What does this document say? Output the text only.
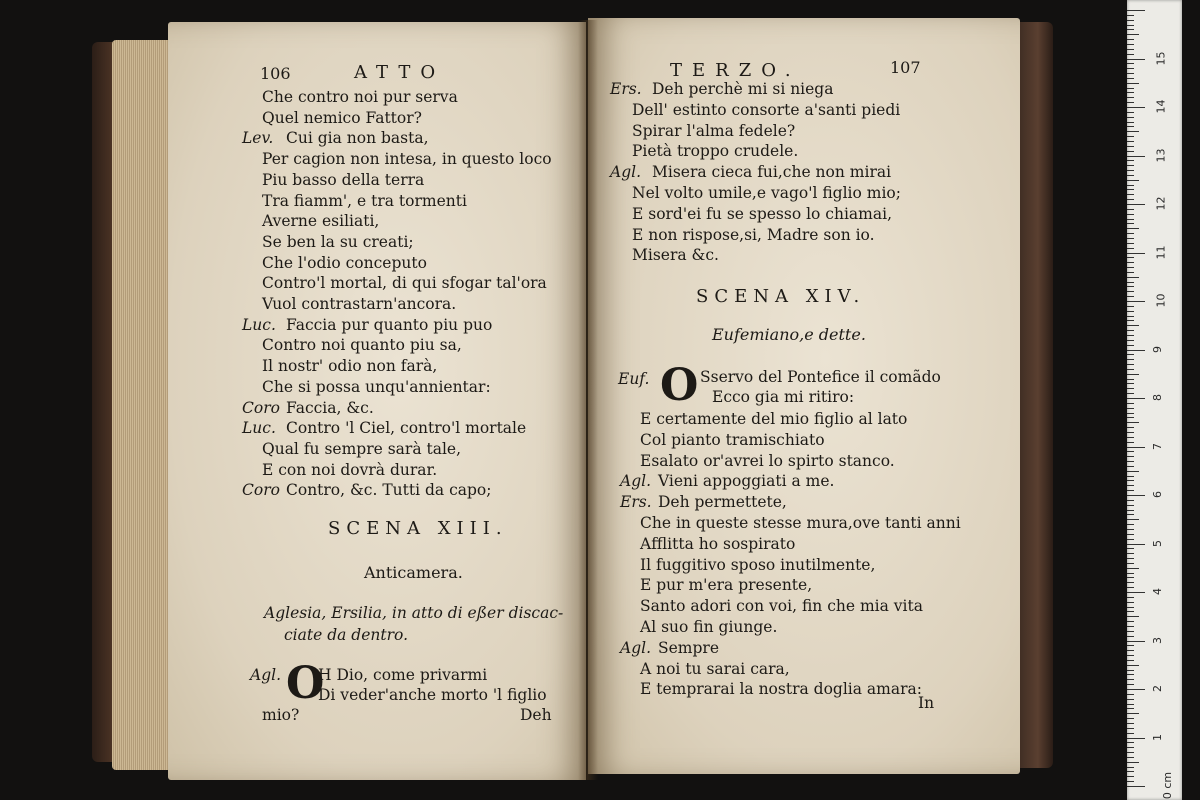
106	ATTO
Che contro noi pur serva
Quel nemico Fattor?
Lev. Cui gia non basta,
Per cagion non intesa, in questo loco
Piu basso della terra
Tra fiamm', e tra tormenti
Averne esiliati,
Se ben la su creati;
Che l'odio conceputo
Contro'l mortal, di qui sfogar tal'ora
Vuol contrastarn'ancora.
Luc. Faccia pur quanto piu puo
Contro noi quanto piu sa,
Il nostr' odio non farà,
Che si possa unqu'annientar:
Coro Faccia, &c.
Luc. Contro 'l Ciel, contro'l mortale
Qual fu sempre sarà tale,
E con noi dovrà durar.
Coro Contro, &c. Tutti da capo;
SCENA XIII.
Anticamera.
Aglesia, Ersilia, in atto di eßer discac-
ciate da dentro.
Agl. O
H Dio, come privarmi
Di veder'anche morto 'l figlio
mio?	Deh
TERZO.	107
Ers. Deh perchè mi si niega
Dell' estinto consorte a'santi piedi
Spirar l'alma fedele?
Pietà troppo crudele.
Agl. Misera cieca fui,che non mirai
Nel volto umile,e vago'l figlio mio;
E sord'ei fu se spesso lo chiamai,
E non rispose,si, Madre son io.
Misera &c.
SCENA XIV.
Eufemiano,e dette.
Euf. O Sservo del Pontefice il comãdo
Ecco gia mi ritiro:
E certamente del mio figlio al lato
Col pianto tramischiato
Esalato or'avrei lo spirto stanco.
Agl. Vieni appoggiati a me.
Ers. Deh permettete,
Che in queste stesse mura,ove tanti anni
Afflitta ho sospirato
Il fuggitivo sposo inutilmente,
E pur m'era presente,
Santo adori con voi, fin che mia vita
Al suo fin giunge.
Agl. Sempre
A noi tu sarai cara,
E temprarai la nostra doglia amara:
In
0 cm
1
2
3
4
5
6
7
8
9
10
11
12
13
14
15
